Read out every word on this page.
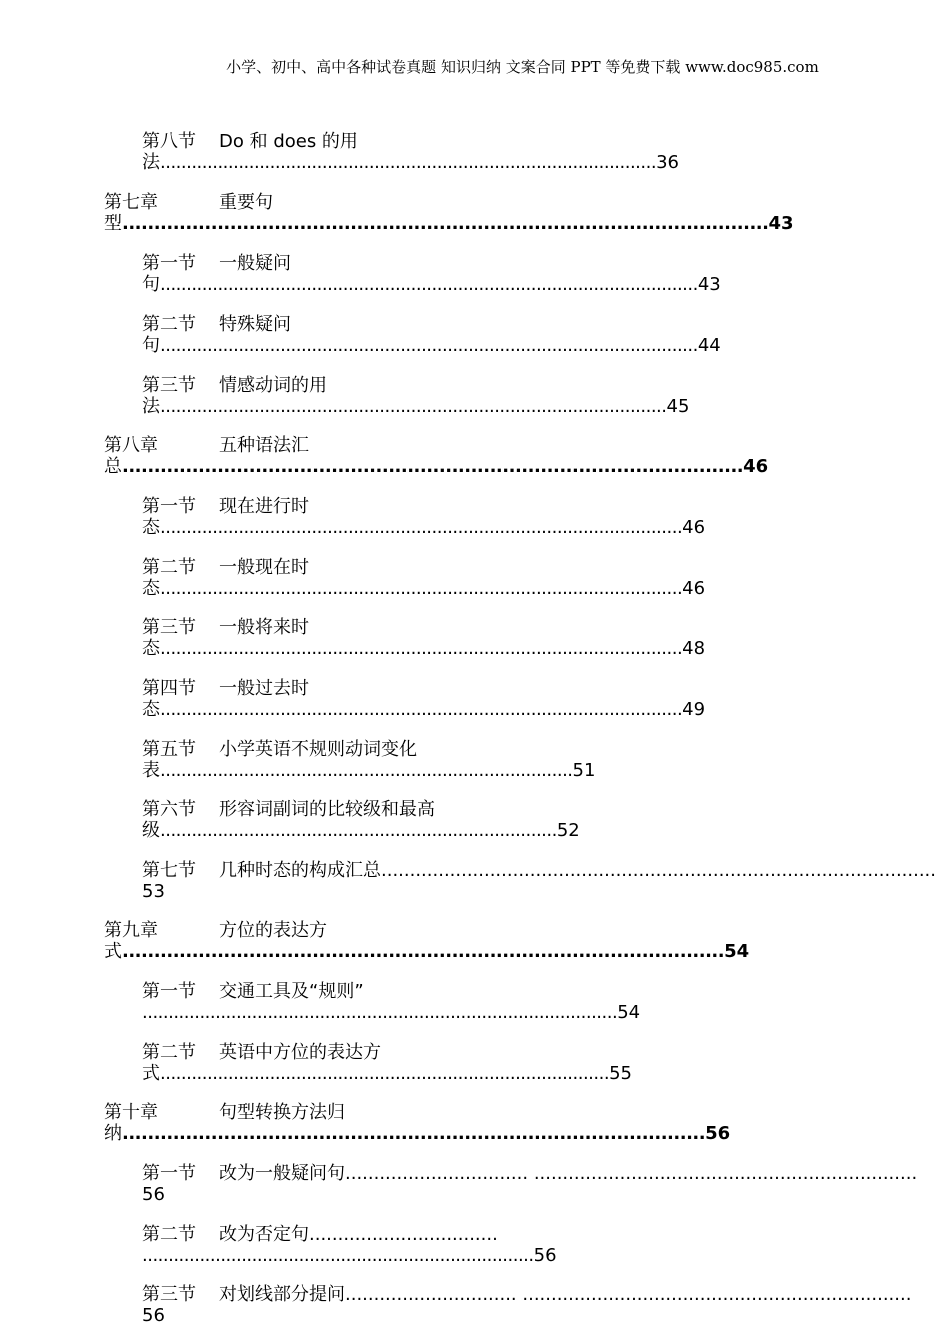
小学、初中、高中各种试卷真题 知识归纳 文案合同 PPT 等免费下载 www.doc985.com
第八节 Do 和 does 的用
法...............................................................................................36
第七章	重要句
型......................................................................................................43
第一节 一般疑问
句.......................................................................................................43
第二节 特殊疑问
句.......................................................................................................44
第三节 情感动词的用
法.................................................................................................45
第八章	五种语法汇
总..................................................................................................46
第一节 现在进行时
态....................................................................................................46
第二节 一般现在时
态....................................................................................................46
第三节 一般将来时
态....................................................................................................48
第四节 一般过去时
态....................................................................................................49
第五节 小学英语不规则动词变化
表...............................................................................51
第六节 形容词副词的比较级和最高
级............................................................................52
第七节 几种时态的构成汇总.................................................................................................
53
第九章	方位的表达方
式...............................................................................................54
第一节 交通工具及“规则”
...........................................................................................54
第二节 英语中方位的表达方
式......................................................................................55
第十章	句型转换方法归
纳............................................................................................56
第一节 改为一般疑问句................................ ...................................................................
56
第二节 改为否定句.................................
...........................................................................56
第三节 对划线部分提问.............................. ....................................................................
56
